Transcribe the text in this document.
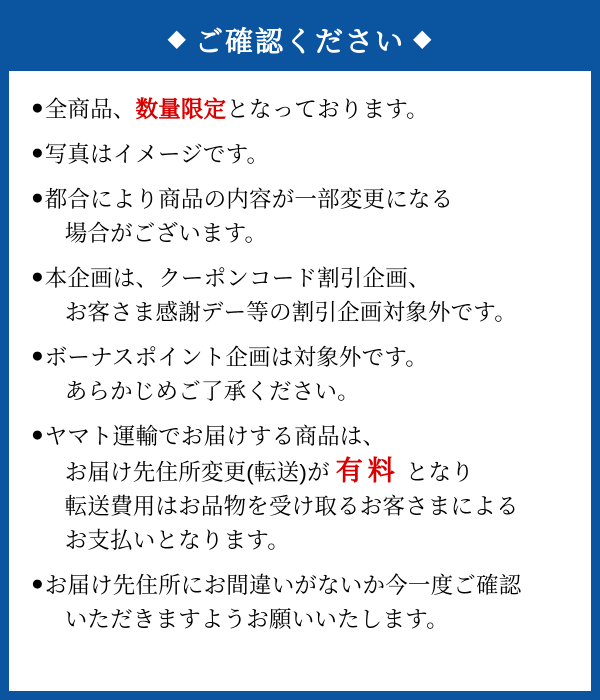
◆ ご確認ください ◆
● 全商品、数量限定となっております。
● 写真はイメージです。
● 都合により商品の内容が一部変更になる
場合がございます。
● 本企画は、クーポンコード割引企画、
お客さま感謝デー等の割引企画対象外です。
● ボーナスポイント企画は対象外です。
あらかじめご了承ください。
● ヤマト運輸でお届けする商品は、
お届け先住所変更(転送)が 有料 となり
転送費用はお品物を受け取るお客さまによる
お支払いとなります。
● お届け先住所にお間違いがないか今一度ご確認
いただきますようお願いいたします。
